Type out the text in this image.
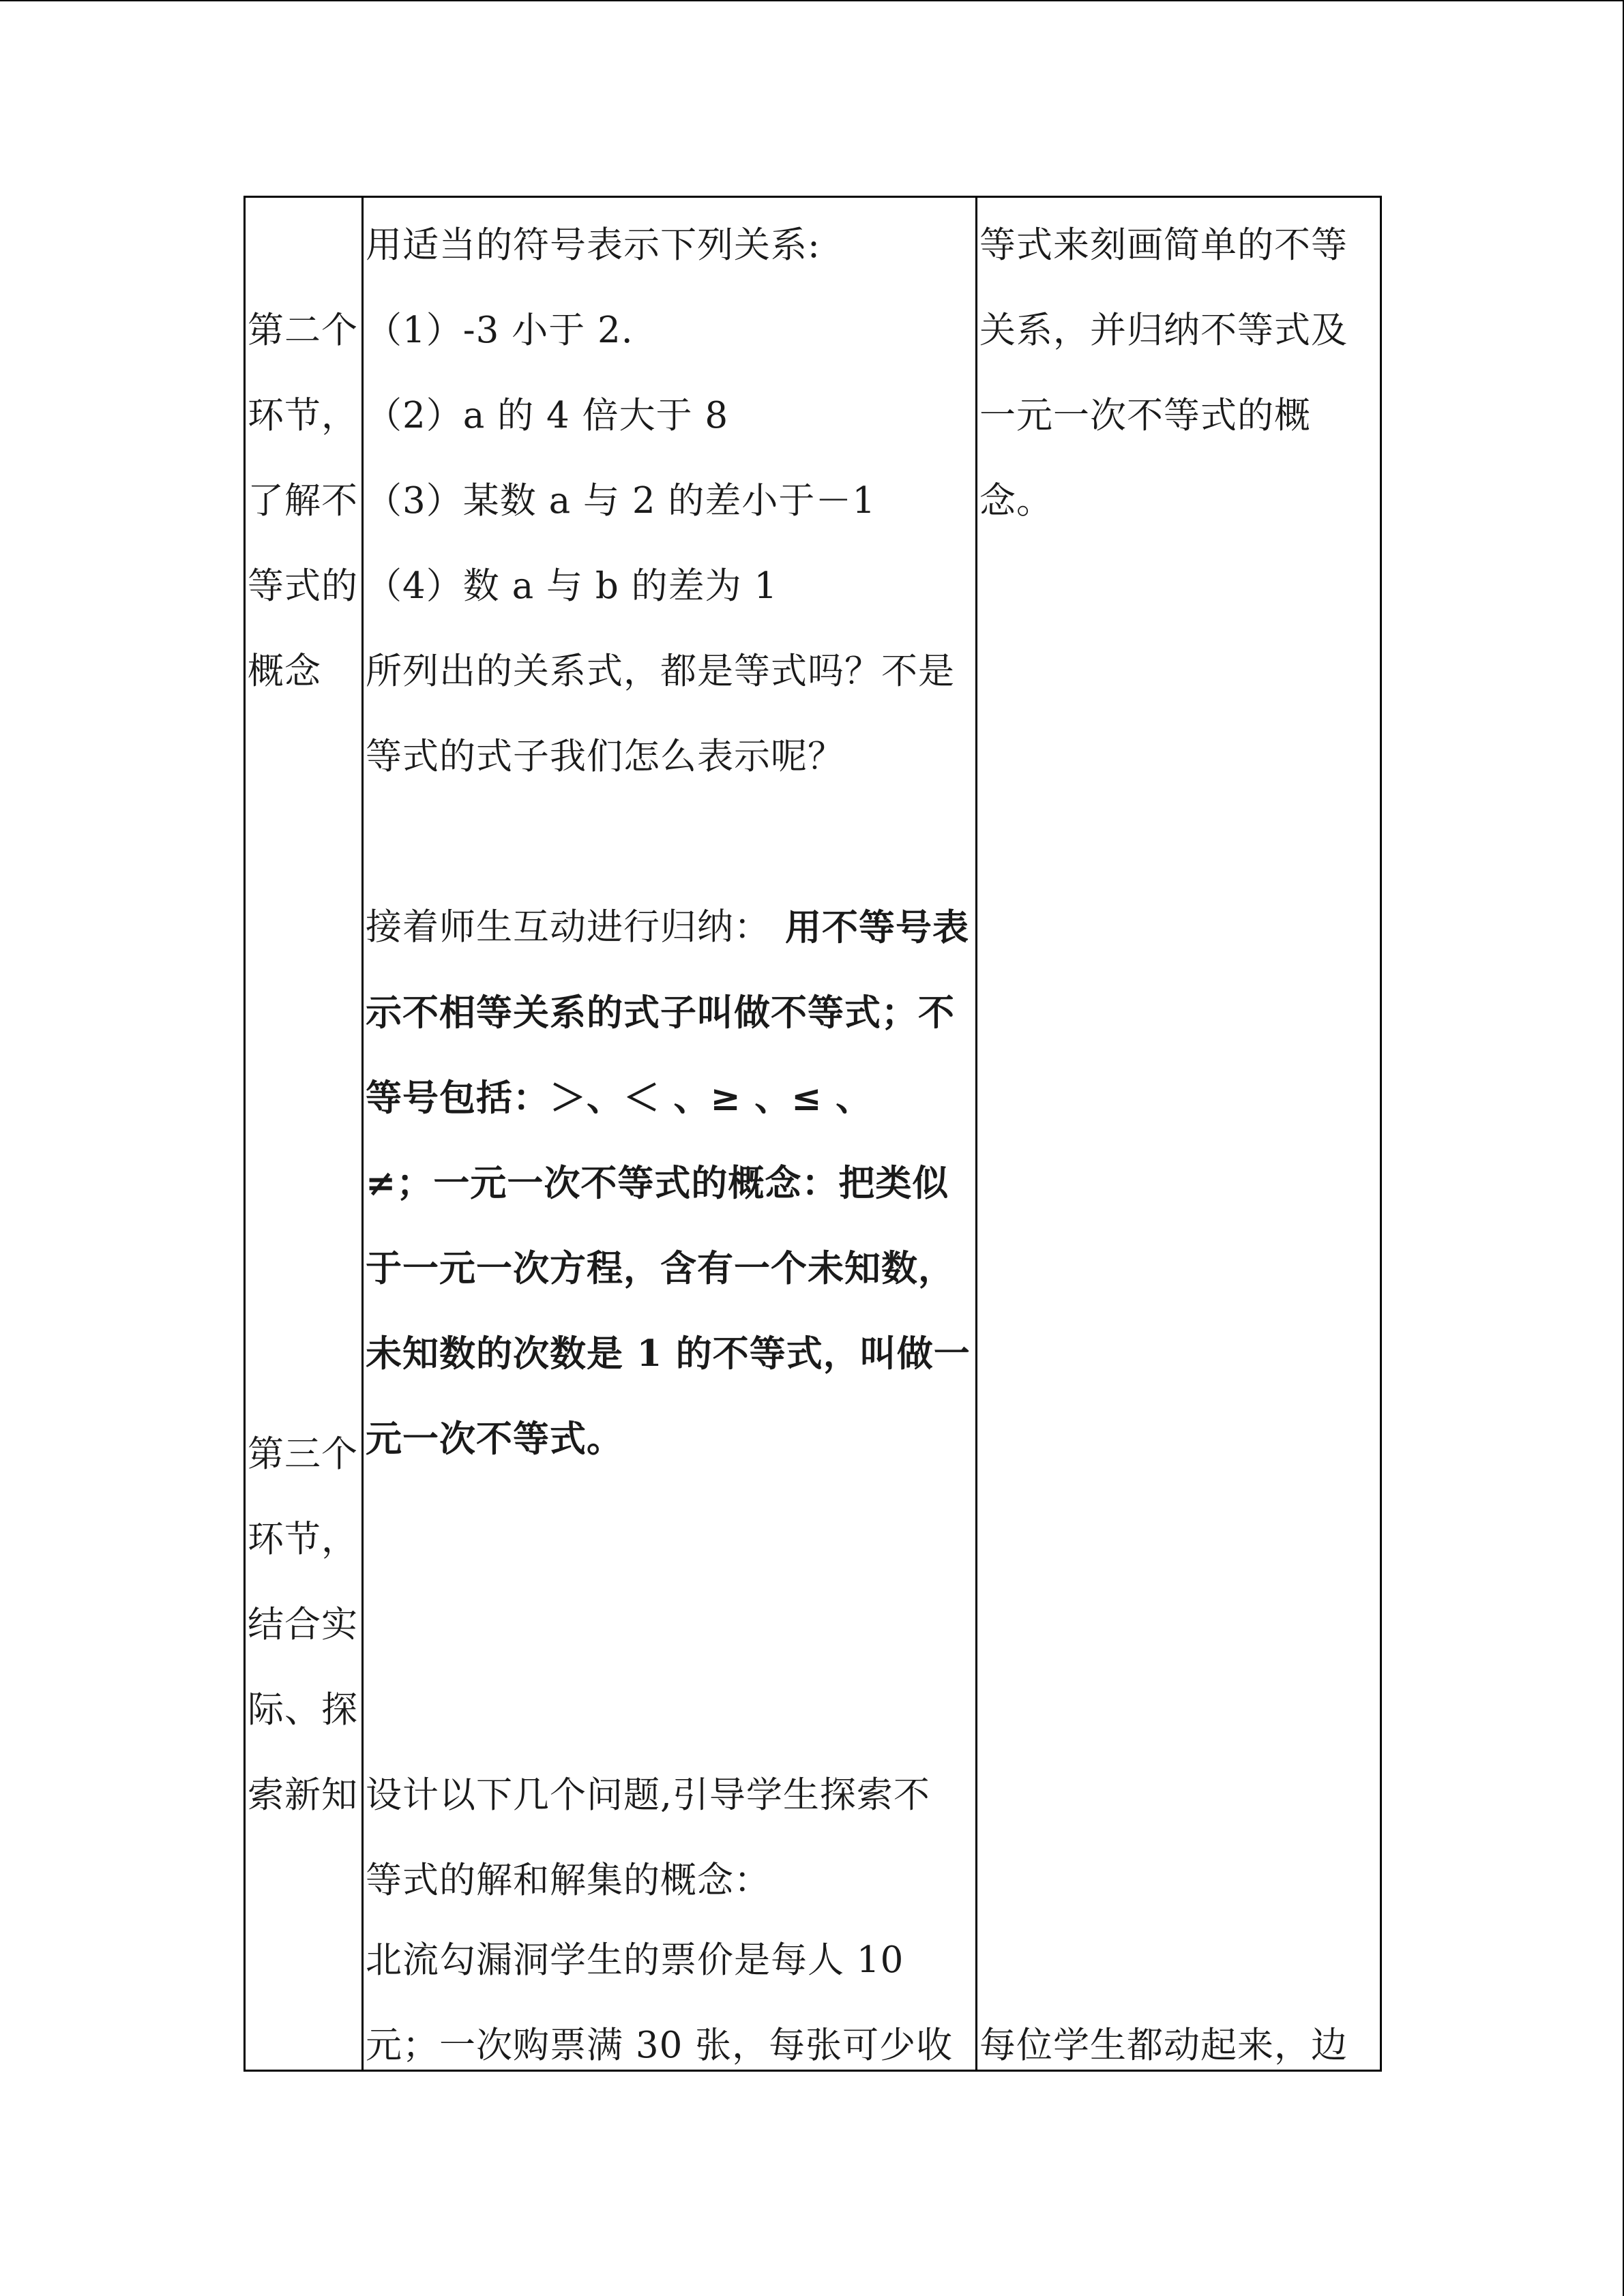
第二个
环节，
了解不
等式的
概念
第三个
环节，
结合实
际、探
索新知
用适当的符号表示下列关系:
（1）-3 小于 2.
（2）a 的 4 倍大于 8
（3）某数 a 与 2 的差小于－1
（4）数 a 与 b 的差为 1
所列出的关系式，都是等式吗？不是
等式的式子我们怎么表示呢？
接着师生互动进行归纳： 用不等号表
示不相等关系的式子叫做不等式；不
等号包括：＞、＜ 、≥ 、≤ 、
≠；一元一次不等式的概念：把类似
于一元一次方程，含有一个未知数，
未知数的次数是 1 的不等式，叫做一
元一次不等式。
设计以下几个问题,引导学生探索不
等式的解和解集的概念：
北流勾漏洞学生的票价是每人 10
元；一次购票满 30 张，每张可少收
等式来刻画简单的不等
关系，并归纳不等式及
一元一次不等式的概
念。
每位学生都动起来，边
